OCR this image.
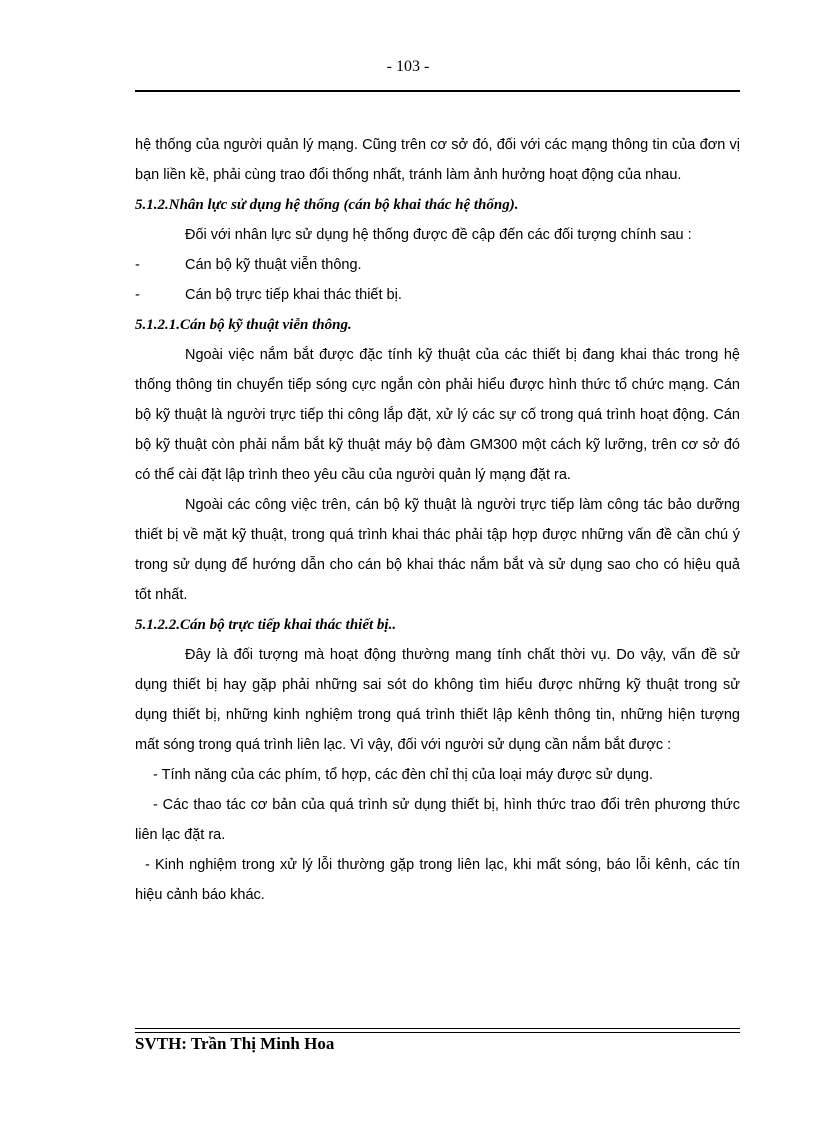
- 103 -

hệ thống của người quản lý mạng. Cũng trên cơ sở đó, đối với các mạng thông tin của đơn vị bạn liền kề, phải cùng trao đổi thống nhất, tránh làm ảnh hưởng hoạt động của nhau.

5.1.2.Nhân lực sử dụng hệ thống (cán bộ khai thác hệ thống).

Đối với nhân lực sử dụng hệ thống được đề cập đến các đối tượng chính sau :

-	Cán bộ kỹ thuật viễn thông.

-	Cán bộ trực tiếp khai thác thiết bị.

5.1.2.1.Cán bộ kỹ thuật viễn thông.

Ngoài việc nắm bắt được đặc tính kỹ thuật của các thiết bị đang khai thác trong hệ thống thông tin chuyển tiếp sóng cực ngắn còn phải hiểu được hình thức tổ chức mạng. Cán bộ kỹ thuật là người trực tiếp thi công lắp đặt, xử lý các sự cố trong quá trình hoạt động. Cán bộ kỹ thuật còn phải nắm bắt kỹ thuật máy bộ đàm GM300 một cách kỹ lưỡng, trên cơ sở đó có thể cài đặt lập trình theo yêu cầu của người quản lý mạng đặt ra.

Ngoài các công việc trên, cán bộ kỹ thuật là người trực tiếp làm công tác bảo dưỡng thiết bị về mặt kỹ thuật, trong quá trình khai thác phải tập hợp được những vấn đề cần chú ý trong sử dụng để hướng dẫn cho cán bộ khai thác nắm bắt và sử dụng sao cho có hiệu quả tốt nhất.

5.1.2.2.Cán bộ trực tiếp khai thác thiết bị..

Đây là đối tượng mà hoạt động thường mang tính chất thời vụ. Do vậy, vấn đề sử dụng thiết bị hay gặp phải những sai sót do không tìm hiểu được những kỹ thuật trong sử dụng thiết bị, những kinh nghiệm trong quá trình thiết lập kênh thông tin, những hiện tượng mất sóng trong quá trình liên lạc. Vì vậy, đối với người sử dụng cần nắm bắt được :

- Tính năng của các phím, tổ hợp, các đèn chỉ thị của loại máy được sử dụng.

- Các thao tác cơ bản của quá trình sử dụng thiết bị, hình thức trao đổi trên phương thức liên lạc đặt ra.

- Kinh nghiệm trong xử lý lỗi thường gặp trong liên lạc, khi mất sóng, báo lỗi kênh, các tín hiệu cảnh báo khác.

SVTH: Trần Thị Minh Hoa
